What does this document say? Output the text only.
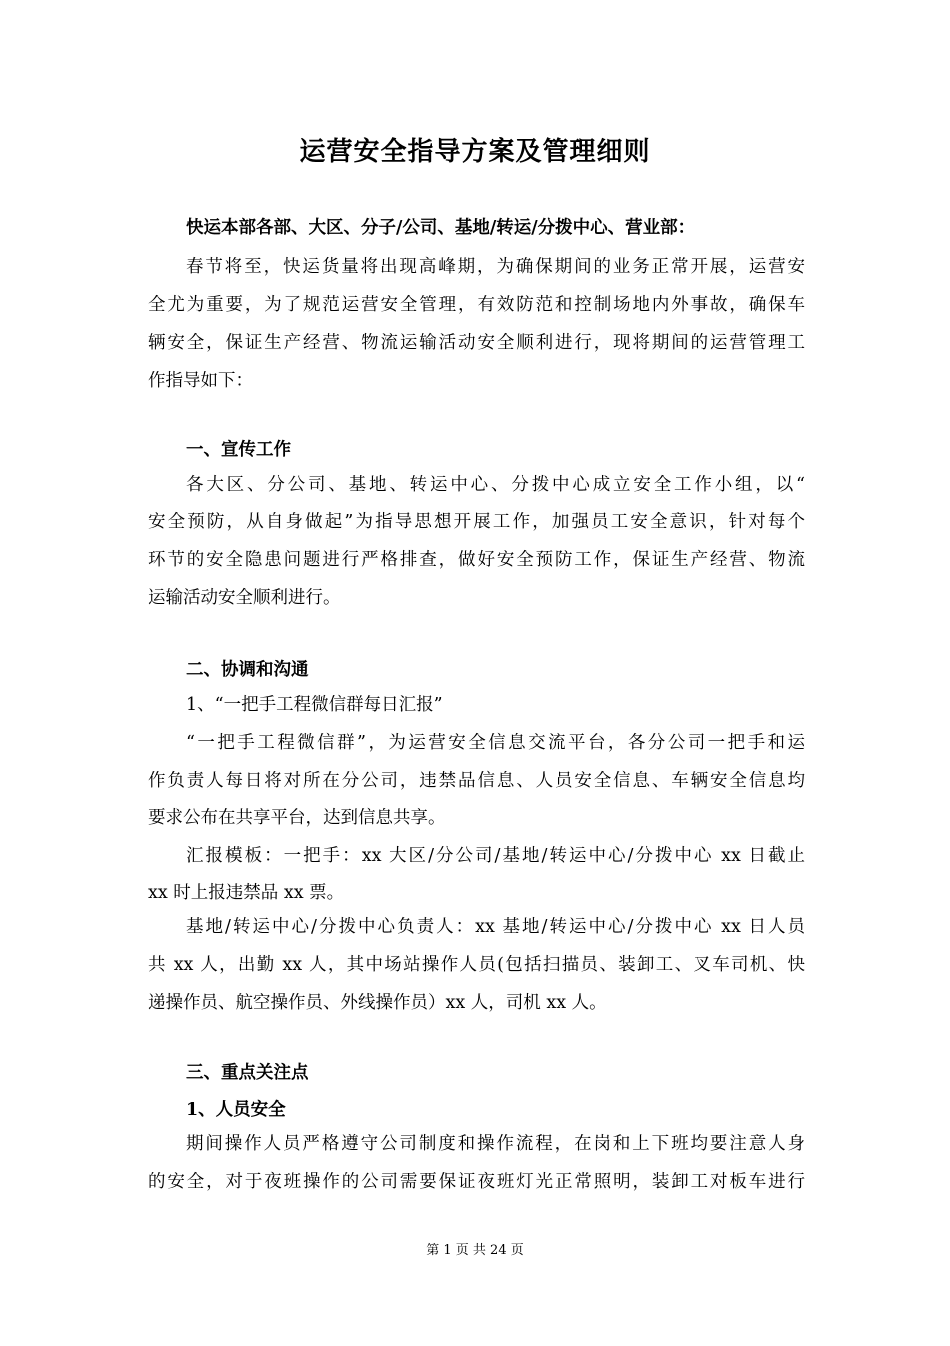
运营安全指导方案及管理细则
快运本部各部、大区、分子/公司、基地/转运/分拨中心、营业部：
春节将至，快运货量将出现高峰期，为确保期间的业务正常开展，运营安
全尤为重要，为了规范运营安全管理，有效防范和控制场地内外事故，确保车
辆安全，保证生产经营、物流运输活动安全顺利进行，现将期间的运营管理工
作指导如下：
一、宣传工作
各大区、分公司、基地、转运中心、分拨中心成立安全工作小组，以“
安全预防，从自身做起”为指导思想开展工作，加强员工安全意识，针对每个
环节的安全隐患问题进行严格排查，做好安全预防工作，保证生产经营、物流
运输活动安全顺利进行。
二、协调和沟通
1、“一把手工程微信群每日汇报”
“一把手工程微信群”，为运营安全信息交流平台，各分公司一把手和运
作负责人每日将对所在分公司，违禁品信息、人员安全信息、车辆安全信息均
要求公布在共享平台，达到信息共享。
汇报模板：一把手：xx 大区/分公司/基地/转运中心/分拨中心 xx 日截止
xx 时上报违禁品 xx 票。
基地/转运中心/分拨中心负责人：xx 基地/转运中心/分拨中心 xx 日人员
共 xx 人，出勤 xx 人，其中场站操作人员(包括扫描员、装卸工、叉车司机、快
递操作员、航空操作员、外线操作员）xx 人，司机 xx 人。
三、重点关注点
1、人员安全
期间操作人员严格遵守公司制度和操作流程，在岗和上下班均要注意人身
的安全，对于夜班操作的公司需要保证夜班灯光正常照明，装卸工对板车进行
第 1 页 共 24 页
